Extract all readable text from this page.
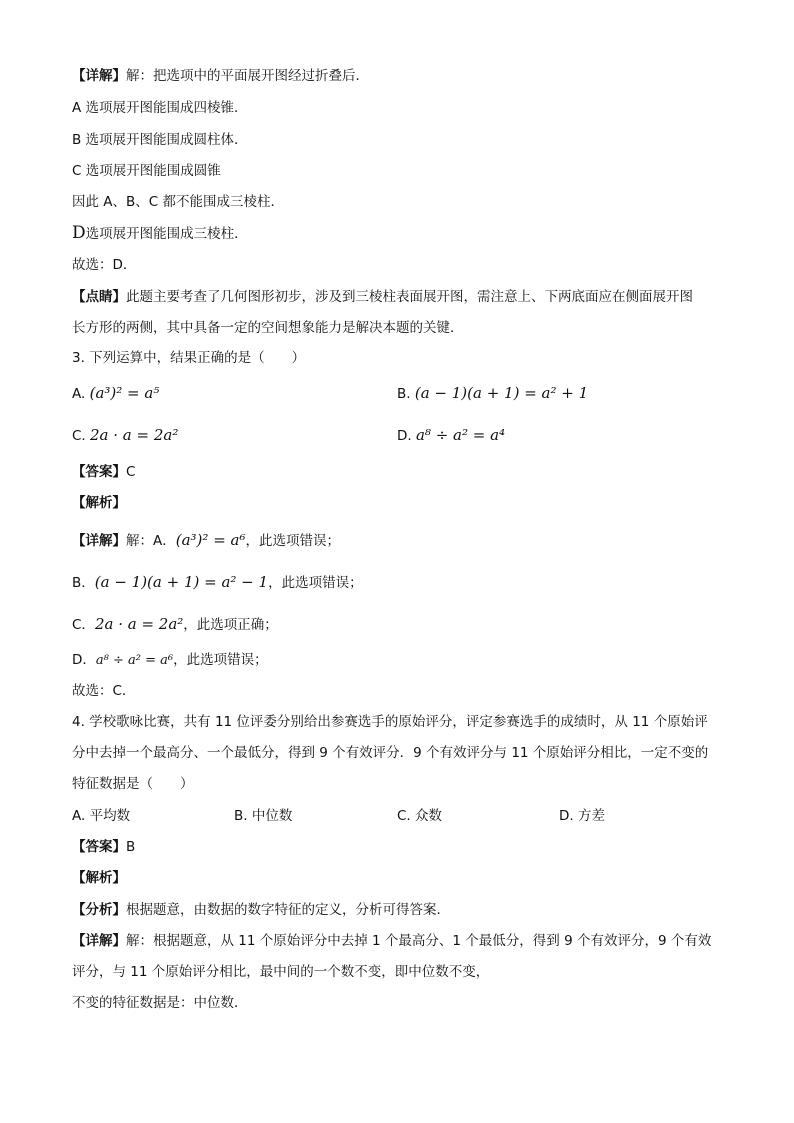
【详解】解：把选项中的平面展开图经过折叠后．
A 选项展开图能围成四棱锥．
B 选项展开图能围成圆柱体．
C 选项展开图能围成圆锥
因此 A、B、C 都不能围成三棱柱．
D选项展开图能围成三棱柱．
故选：D．
【点睛】此题主要考查了几何图形初步，涉及到三棱柱表面展开图，需注意上、下两底面应在侧面展开图
长方形的两侧，其中具备一定的空间想象能力是解决本题的关键．
3. 下列运算中，结果正确的是（　　）
A. (a³)² = a⁵	B. (a − 1)(a + 1) = a² + 1
C. 2a · a = 2a²	D. a⁸ ÷ a² = a⁴
【答案】C
【解析】
【详解】解：A．(a³)² = a⁶，此选项错误；
B．(a − 1)(a + 1) = a² − 1，此选项错误；
C．2a · a = 2a²，此选项正确；
D．a⁸ ÷ a² = a⁶，此选项错误；
故选：C．
4. 学校歌咏比赛，共有 11 位评委分别给出参赛选手的原始评分，评定参赛选手的成绩时，从 11 个原始评
分中去掉一个最高分、一个最低分，得到 9 个有效评分．9 个有效评分与 11 个原始评分相比，一定不变的
特征数据是（　　）
A. 平均数	B. 中位数	C. 众数	D. 方差
【答案】B
【解析】
【分析】根据题意，由数据的数字特征的定义，分析可得答案．
【详解】解：根据题意，从 11 个原始评分中去掉 1 个最高分、1 个最低分，得到 9 个有效评分，9 个有效
评分，与 11 个原始评分相比，最中间的一个数不变，即中位数不变，
不变的特征数据是：中位数．
